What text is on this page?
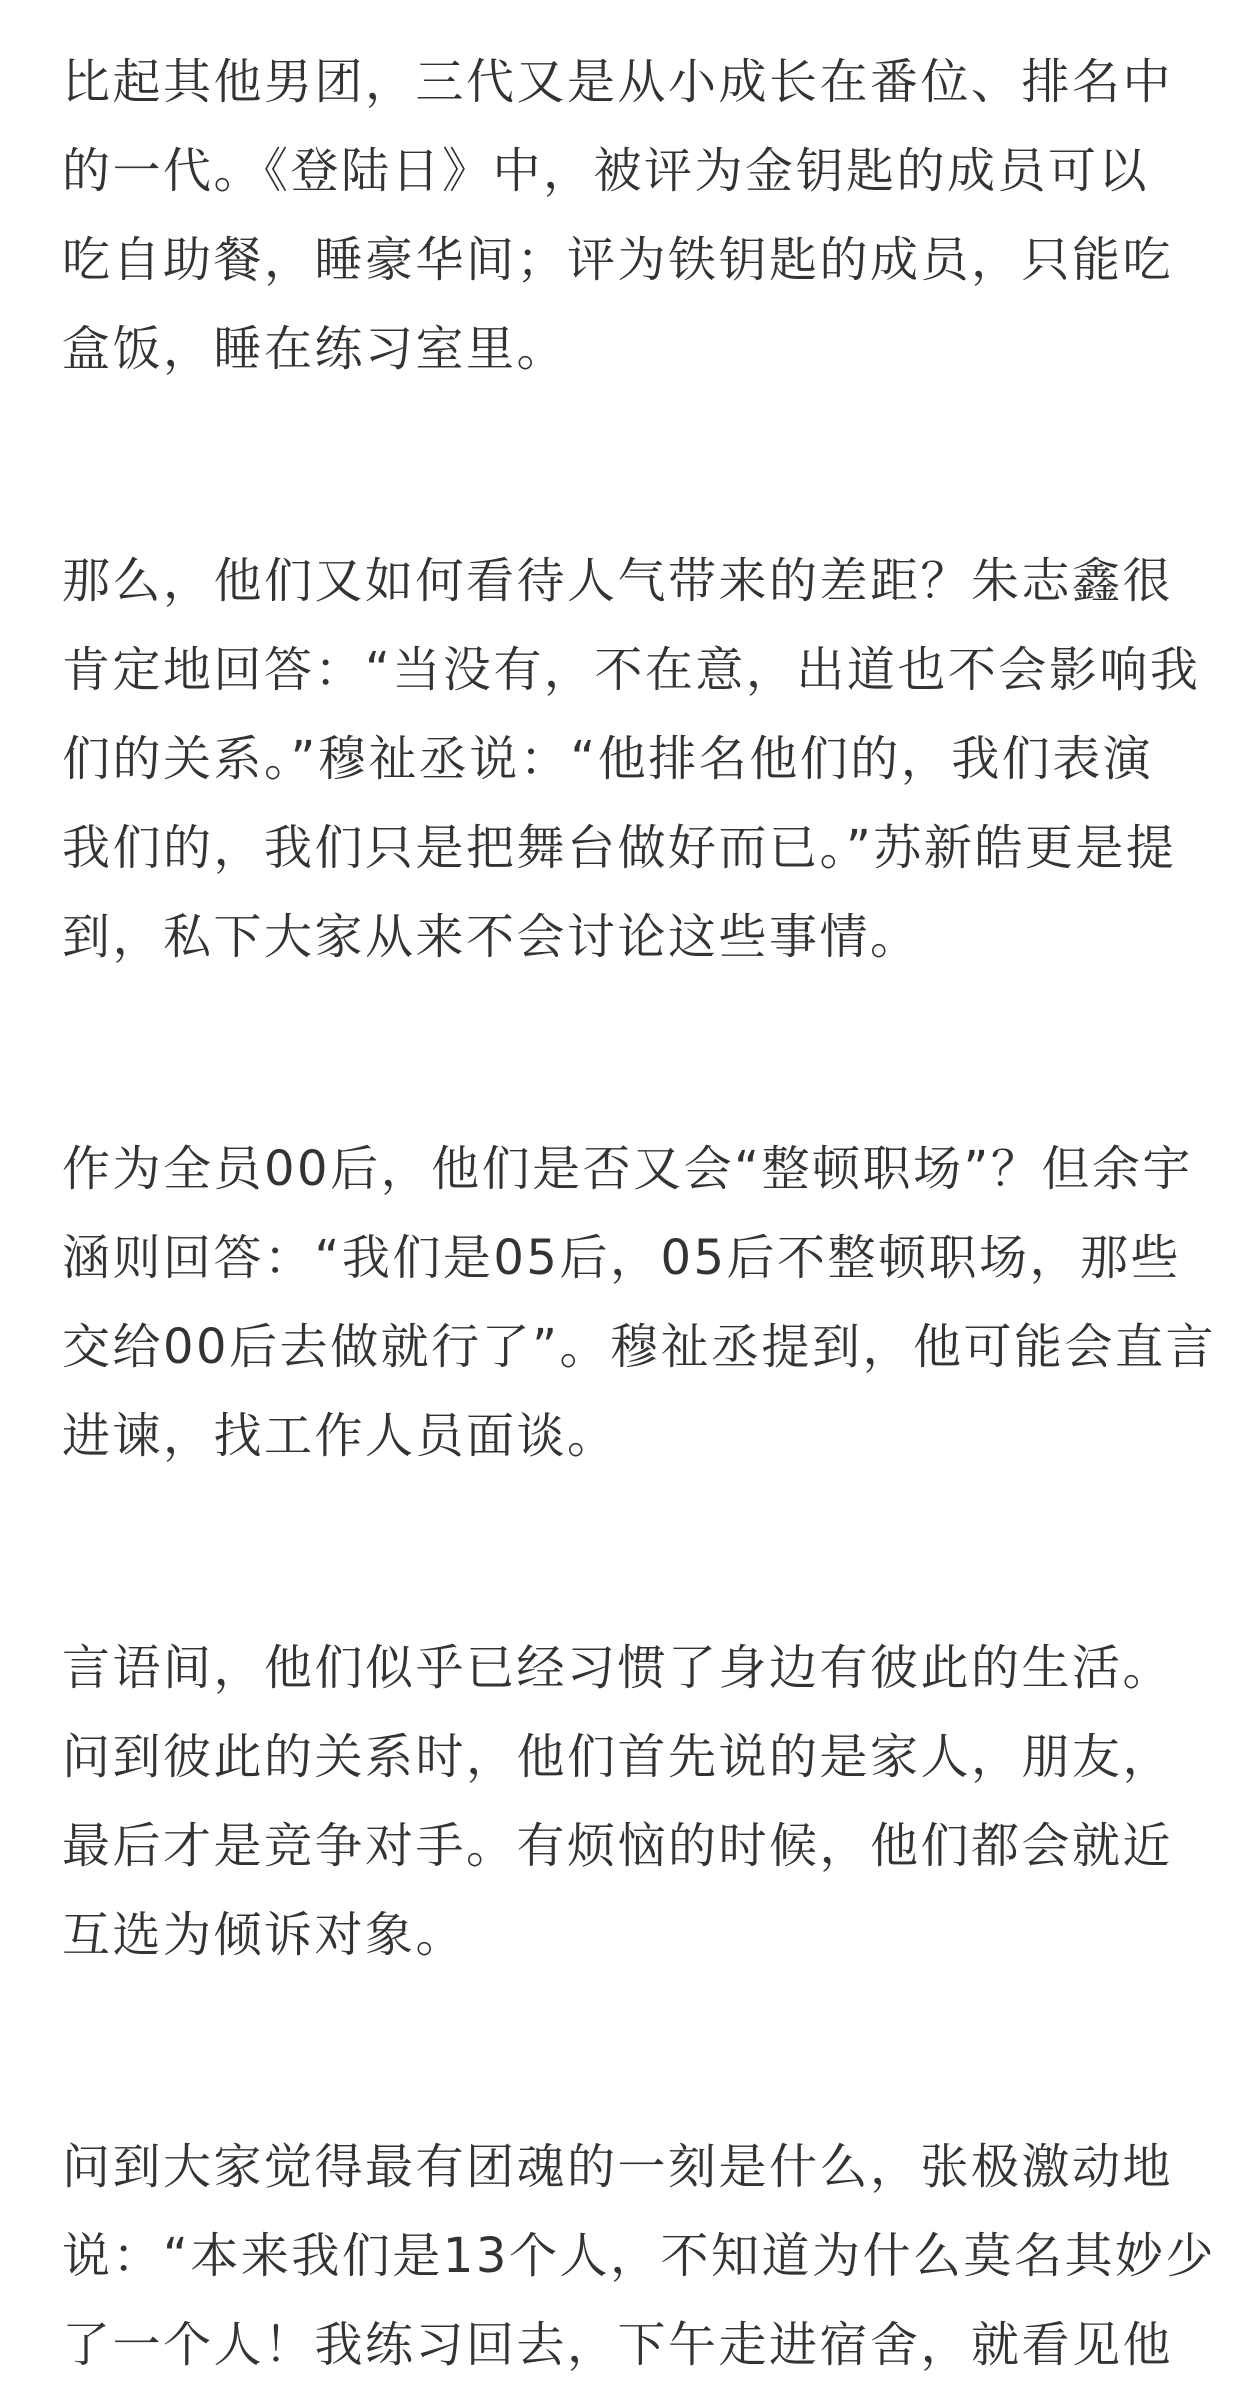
比起其他男团，三代又是从小成长在番位、排名中
的一代。《登陆日》中，被评为金钥匙的成员可以
吃自助餐，睡豪华间；评为铁钥匙的成员，只能吃
盒饭，睡在练习室里。
那么，他们又如何看待人气带来的差距？朱志鑫很
肯定地回答：“当没有，不在意，出道也不会影响我
们的关系。”穆祉丞说：“他排名他们的，我们表演
我们的，我们只是把舞台做好而已。”苏新皓更是提
到，私下大家从来不会讨论这些事情。
作为全员00后，他们是否又会“整顿职场”？但余宇
涵则回答：“我们是05后，05后不整顿职场，那些
交给00后去做就行了”。穆祉丞提到，他可能会直言
进谏，找工作人员面谈。
言语间，他们似乎已经习惯了身边有彼此的生活。
问到彼此的关系时，他们首先说的是家人，朋友，
最后才是竞争对手。有烦恼的时候，他们都会就近
互选为倾诉对象。
问到大家觉得最有团魂的一刻是什么，张极激动地
说：“本来我们是13个人，不知道为什么莫名其妙少
了一个人！我练习回去，下午走进宿舍，就看见他
